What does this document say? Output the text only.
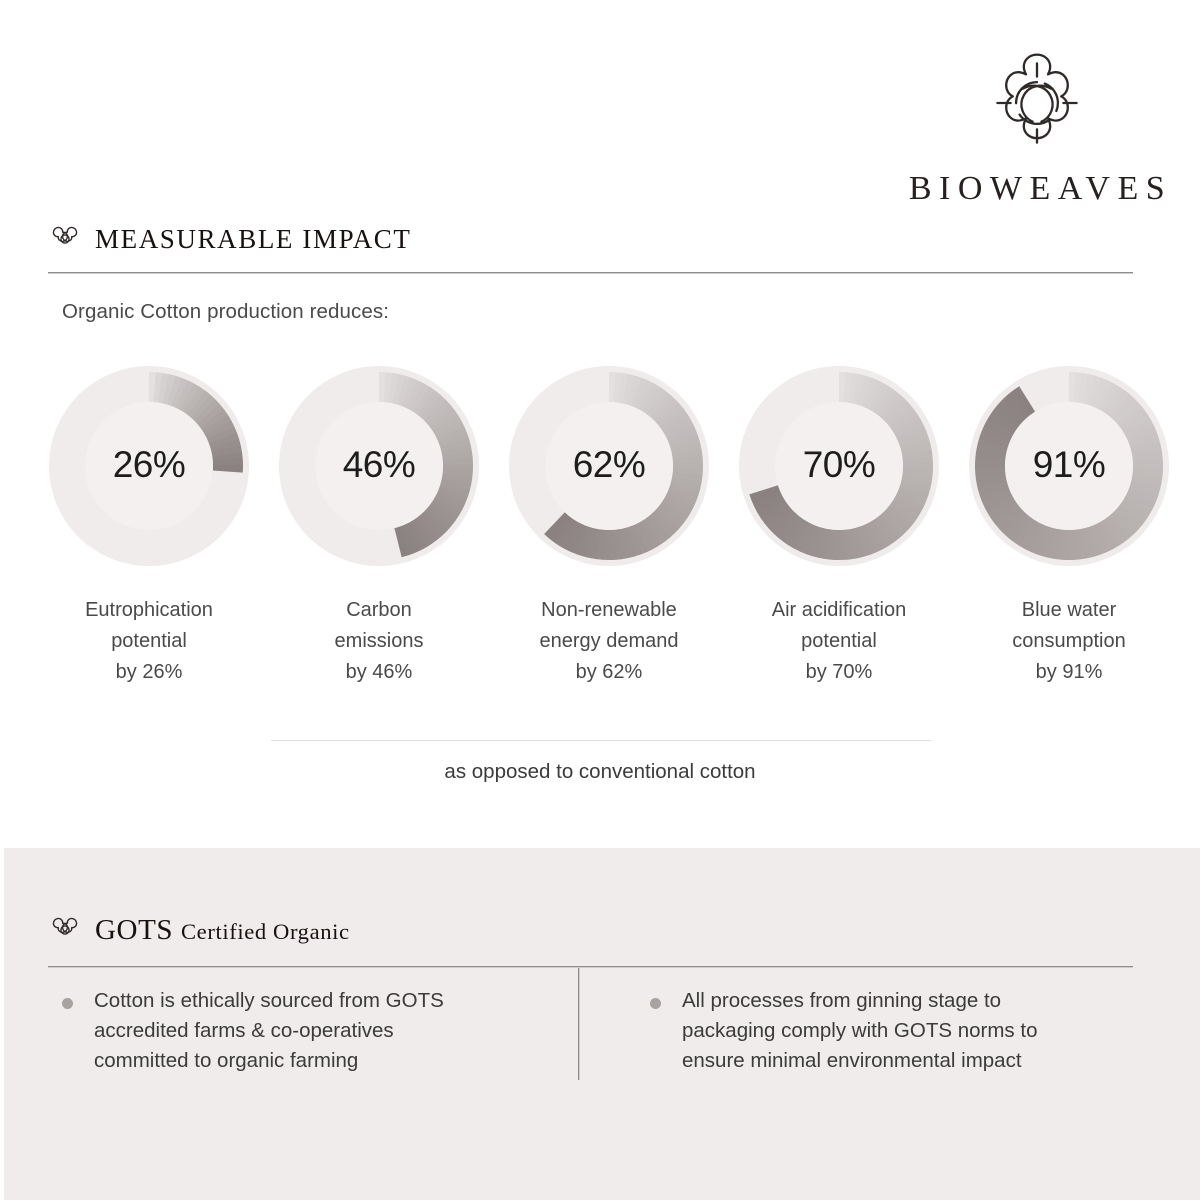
BIOWEAVES
MEASURABLE IMPACT
Organic Cotton production reduces:
26%
Eutrophication
potential
by 26%
46%
Carbon
emissions
by 46%
62%
Non-renewable
energy demand
by 62%
70%
Air acidification
potential
by 70%
91%
Blue water
consumption
by 91%
as opposed to conventional cotton
GOTS Certified Organic
Cotton is ethically sourced from GOTS
accredited farms & co-operatives
committed to organic farming
All processes from ginning stage to
packaging comply with GOTS norms to
ensure minimal environmental impact
